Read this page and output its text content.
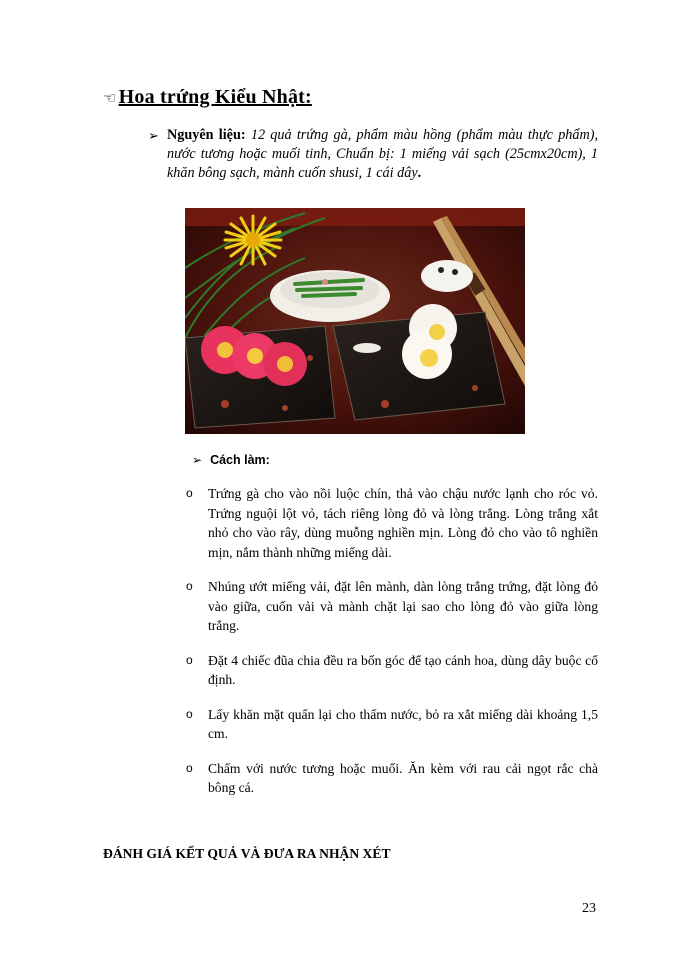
☜ Hoa trứng Kiểu Nhật:
➢ Nguyên liệu: 12 quả trứng gà, phẩm màu hồng (phẩm màu thực phẩm), nước tương hoặc muối tinh, Chuẩn bị: 1 miếng vải sạch (25cmx20cm), 1 khăn bông sạch, mành cuốn shusi, 1 cái dây.
➢ Cách làm:
o Trứng gà cho vào nồi luộc chín, thả vào chậu nước lạnh cho róc vỏ. Trứng nguội lột vỏ, tách riêng lòng đỏ và lòng trắng. Lòng trắng xắt nhỏ cho vào rây, dùng muỗng nghiền mịn. Lòng đỏ cho vào tô nghiền mịn, nắm thành những miếng dài.
o Nhúng ướt miếng vải, đặt lên mành, dàn lòng trắng trứng, đặt lòng đỏ vào giữa, cuốn vải và mành chặt lại sao cho lòng đỏ vào giữa lòng trắng.
o Đặt 4 chiếc đũa chia đều ra bốn góc để tạo cánh hoa, dùng dây buộc cố định.
o Lấy khăn mặt quấn lại cho thấm nước, bỏ ra xắt miếng dài khoảng 1,5 cm.
o Chấm với nước tương hoặc muối. Ăn kèm với rau cải ngọt rắc chà bông cá.
ĐÁNH GIÁ KẾT QUẢ VÀ ĐƯA RA NHẬN XÉT
23
